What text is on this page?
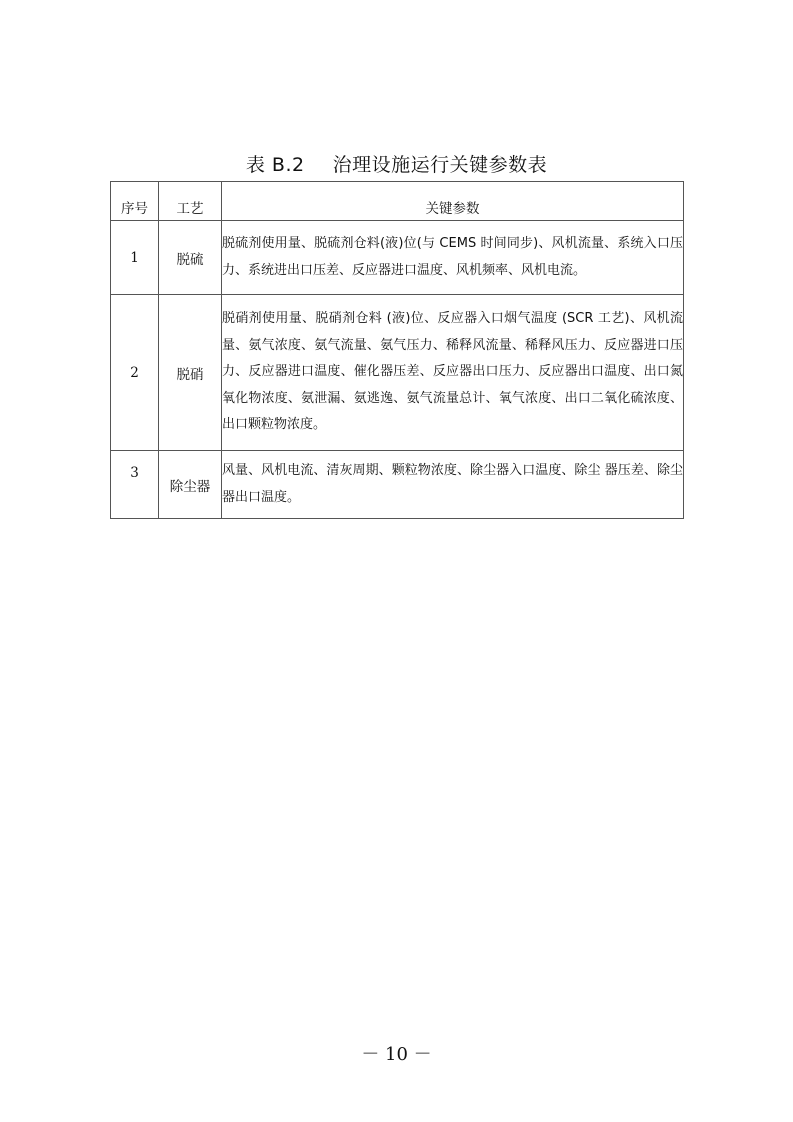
表 B.2 治理设施运行关键参数表
序号	工艺	关键参数
1	脱硫	脱硫剂使用量、脱硫剂仓料(液)位(与 CEMS 时间同步)、风机流量、系统入口压力、系统进出口压差、反应器进口温度、风机频率、风机电流。
2	脱硝	脱硝剂使用量、脱硝剂仓料 (液)位、反应器入口烟气温度 (SCR 工艺)、风机流量、氨气浓度、氨气流量、氨气压力、稀释风流量、稀释风压力、反应器进口压力、反应器进口温度、催化器压差、反应器出口压力、反应器出口温度、出口氮氧化物浓度、氨泄漏、氨逃逸、氨气流量总计、氧气浓度、出口二氧化硫浓度、出口颗粒物浓度。
3	除尘器	风量、风机电流、清灰周期、颗粒物浓度、除尘器入口温度、除尘 器压差、除尘器出口温度。
－ 10 －
